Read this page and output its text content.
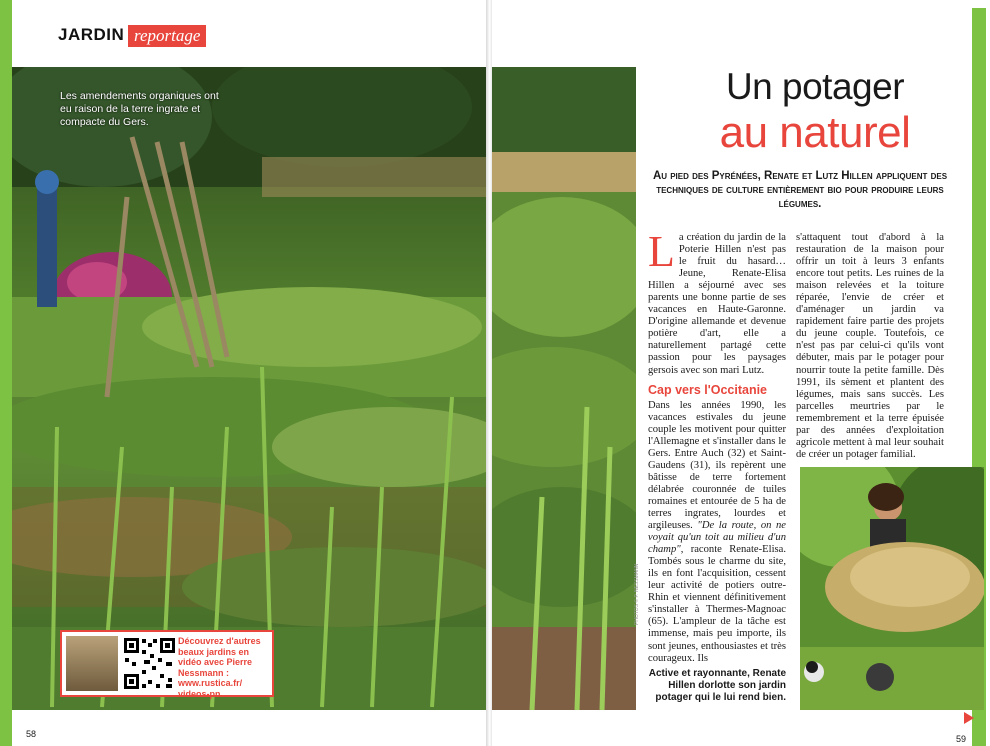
JARDIN reportage
Les amendements organiques ont eu raison de la terre ingrate et compacte du Gers.
PHOTOS © P. NESSMANN
Découvrez d'autres beaux jardins en vidéo avec Pierre Nessmann : www.rustica.fr/ videos-pn
Un potager
au naturel
Au pied des Pyrénées, Renate et Lutz Hillen appliquent des techniques de culture entièrement bio pour produire leurs légumes.

La création du jardin de la Poterie Hillen n'est pas le fruit du hasard… Jeune, Renate-Elisa Hillen a séjourné avec ses parents une bonne partie de ses vacances en Haute-Garonne. D'origine allemande et devenue potière d'art, elle a naturellement partagé cette passion pour les paysages gersois avec son mari Lutz.

Cap vers l'Occitanie

Dans les années 1990, les vacances estivales du jeune couple les motivent pour quitter l'Allemagne et s'installer dans le Gers. Entre Auch (32) et Saint-Gaudens (31), ils repèrent une bâtisse de terre fortement délabrée couronnée de tuiles romaines et entourée de 5 ha de terres ingrates, lourdes et argileuses. "De la route, on ne voyait qu'un toit au milieu d'un champ", raconte Renate-Elisa. Tombés sous le charme du site, ils en font l'acquisition, cessent leur activité de potiers outre-Rhin et viennent définitivement s'installer à Thermes-Magnoac (65). L'ampleur de la tâche est immense, mais peu importe, ils sont jeunes, enthousiastes et très courageux. Ils

s'attaquent tout d'abord à la restauration de la maison pour offrir un toit à leurs 3 enfants encore tout petits. Les ruines de la maison relevées et la toiture réparée, l'envie de créer et d'aménager un jardin va rapidement faire partie des projets du jeune couple. Toutefois, ce n'est pas par celui-ci qu'ils vont débuter, mais par le potager pour nourrir toute la petite famille. Dès 1991, ils sèment et plantent des légumes, mais sans succès. Les parcelles meurtries par le remembrement et la terre épuisée par des années d'exploitation agricole mettent à mal leur souhait de créer un potager familial.

Active et rayonnante, Renate Hillen dorlotte son jardin potager qui le lui rend bien.
58	59
